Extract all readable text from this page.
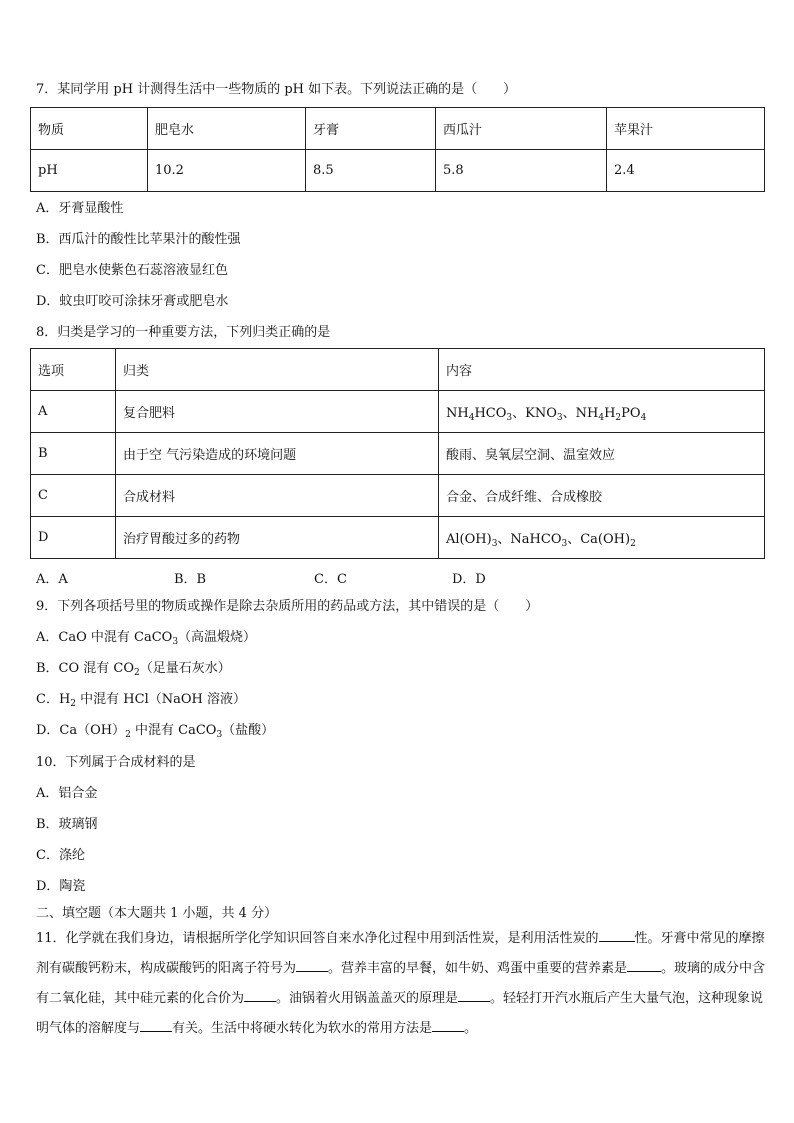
7．某同学用 pH 计测得生活中一些物质的 pH 如下表。下列说法正确的是（　　）
物质	肥皂水	牙膏	西瓜汁	苹果汁
pH	10.2	8.5	5.8	2.4
A．牙膏显酸性
B．西瓜汁的酸性比苹果汁的酸性强
C．肥皂水使紫色石蕊溶液显红色
D．蚊虫叮咬可涂抹牙膏或肥皂水
8．归类是学习的一种重要方法，下列归类正确的是
选项	归类	内容
A	复合肥料	$NH_4HCO_3$、$KNO_3$、$NH_4H_2PO_4$
B	由于空 气污染造成的环境问题	酸雨、臭氧层空洞、温室效应
C	合成材料	合金、合成纤维、合成橡胶
D	治疗胃酸过多的药物	$Al(OH)_3$、NaHCO$_3$、$Ca(OH)_2$
A．A	B．B	C．C	D．D
9．下列各项括号里的物质或操作是除去杂质所用的药品或方法，其中错误的是（　　）
A．CaO 中混有 CaCO$_3$（高温煅烧）
B．CO 混有 $CO_2$（足量石灰水）
C．$H_2$ 中混有 HCl（NaOH 溶液）
D．$Ca(OH)_2$ 中混有 CaCO$_3$（盐酸）
10．下列属于合成材料的是
A．铝合金
B．玻璃钢
C．涤纶
D．陶瓷
二、填空题（本大题共 1 小题，共 4 分）
11．化学就在我们身边，请根据所学化学知识回答自来水净化过程中用到活性炭，是利用活性炭的	性。牙膏中常见的摩擦剂有碳酸钙粉末，构成碳酸钙的阳离子符号为 。营养丰富的早餐，如牛奶、鸡蛋中重要的营养素是	。玻璃的成分中含有二氧化硅，其中硅元素的化合价为 。油锅着火用锅盖盖灭的原理是 。轻轻打开汽水瓶后产生大量气泡，这种现象说明气体的溶解度与 有关。生活中将硬水转化为软水的常用方法是 。
